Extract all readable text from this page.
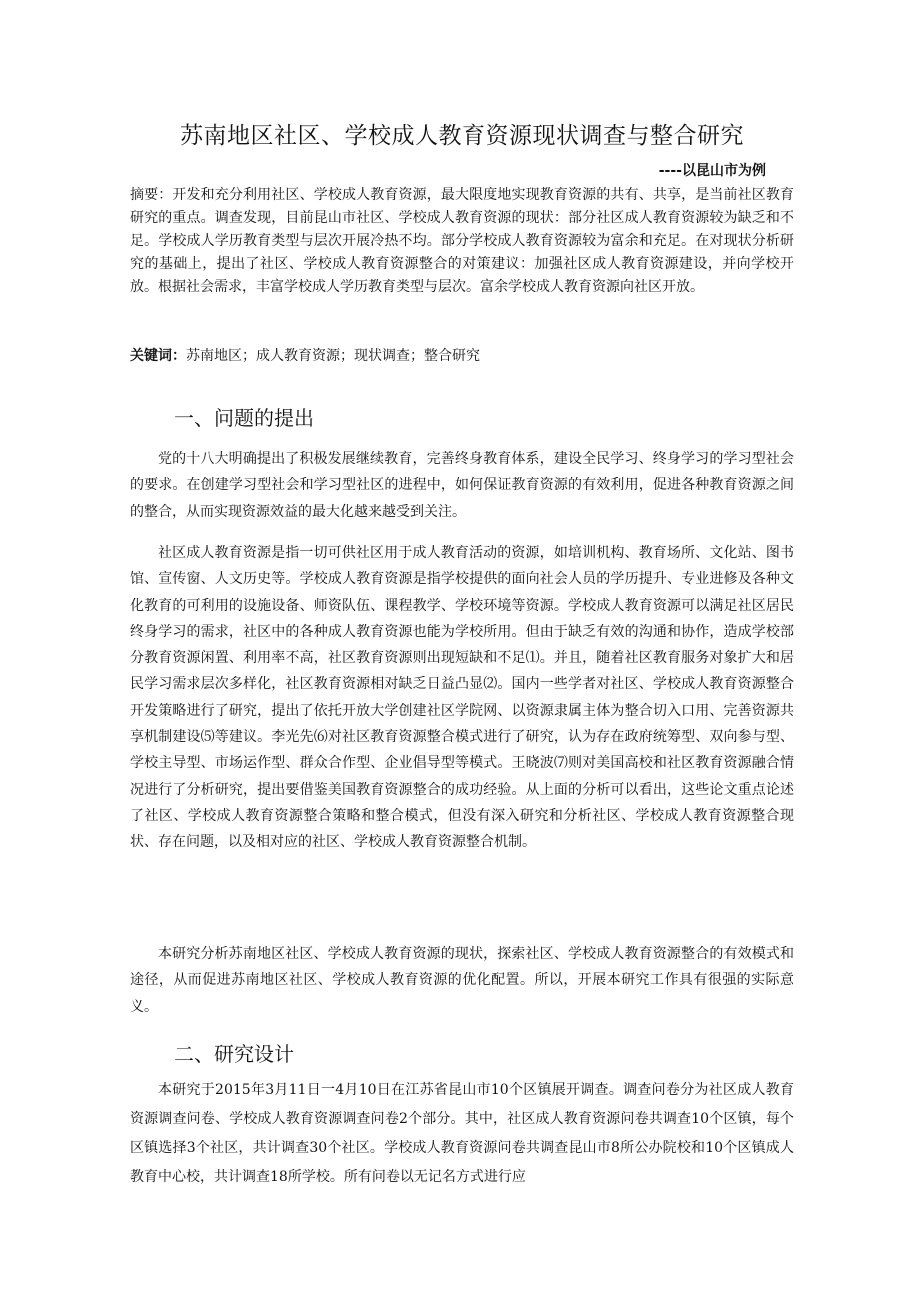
苏南地区社区、学校成人教育资源现状调查与整合研究

----以昆山市为例

摘要：开发和充分利用社区、学校成人教育资源，最大限度地实现教育资源的共有、共享，是当前社区教育研究的重点。调查发现，目前昆山市社区、学校成人教育资源的现状：部分社区成人教育资源较为缺乏和不足。学校成人学历教育类型与层次开展冷热不均。部分学校成人教育资源较为富余和充足。在对现状分析研究的基础上，提出了社区、学校成人教育资源整合的对策建议：加强社区成人教育资源建设，并向学校开放。根据社会需求，丰富学校成人学历教育类型与层次。富余学校成人教育资源向社区开放。

关键词：苏南地区；成人教育资源；现状调查；整合研究

一、问题的提出

党的十八大明确提出了积极发展继续教育，完善终身教育体系，建设全民学习、终身学习的学习型社会的要求。在创建学习型社会和学习型社区的进程中，如何保证教育资源的有效利用，促进各种教育资源之间的整合，从而实现资源效益的最大化越来越受到关注。

社区成人教育资源是指一切可供社区用于成人教育活动的资源，如培训机构、教育场所、文化站、图书馆、宣传窗、人文历史等。学校成人教育资源是指学校提供的面向社会人员的学历提升、专业进修及各种文化教育的可利用的设施设备、师资队伍、课程教学、学校环境等资源。学校成人教育资源可以满足社区居民终身学习的需求，社区中的各种成人教育资源也能为学校所用。但由于缺乏有效的沟通和协作，造成学校部分教育资源闲置、利用率不高，社区教育资源则出现短缺和不足⑴。并且，随着社区教育服务对象扩大和居民学习需求层次多样化，社区教育资源相对缺乏日益凸显⑵。国内一些学者对社区、学校成人教育资源整合开发策略进行了研究，提出了依托开放大学创建社区学院网、以资源隶属主体为整合切入口用、完善资源共享机制建设⑸等建议。李光先⑹对社区教育资源整合模式进行了研究，认为存在政府统筹型、双向参与型、学校主导型、市场运作型、群众合作型、企业倡导型等模式。王晓波⑺则对美国高校和社区教育资源融合情况进行了分析研究，提出要借鉴美国教育资源整合的成功经验。从上面的分析可以看出，这些论文重点论述了社区、学校成人教育资源整合策略和整合模式，但没有深入研究和分析社区、学校成人教育资源整合现状、存在问题，以及相对应的社区、学校成人教育资源整合机制。

本研究分析苏南地区社区、学校成人教育资源的现状，探索社区、学校成人教育资源整合的有效模式和途径，从而促进苏南地区社区、学校成人教育资源的优化配置。所以，开展本研究工作具有很强的实际意义。

二、研究设计

本研究于2015年3月11日一4月10日在江苏省昆山市10个区镇展开调查。调查问卷分为社区成人教育资源调查问卷、学校成人教育资源调查问卷2个部分。其中，社区成人教育资源问卷共调查10个区镇，每个区镇选择3个社区，共计调查30个社区。学校成人教育资源问卷共调查昆山市8所公办院校和10个区镇成人教育中心校，共计调查18所学校。所有问卷以无记名方式进行应
